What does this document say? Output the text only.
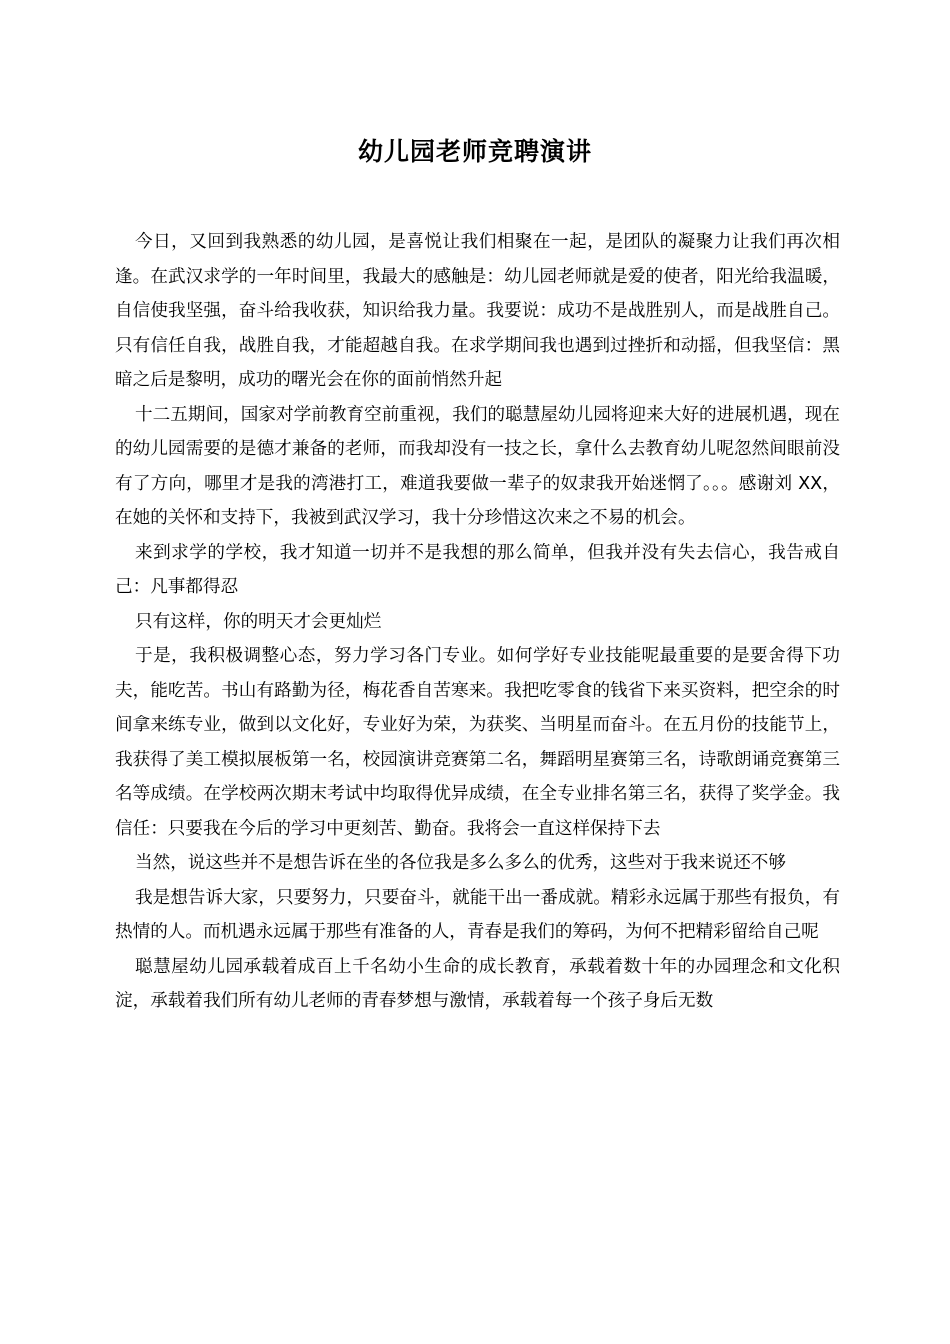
幼儿园老师竞聘演讲

今日，又回到我熟悉的幼儿园，是喜悦让我们相聚在一起，是团队的凝聚力让我们再次相逢。在武汉求学的一年时间里，我最大的感触是：幼儿园老师就是爱的使者，阳光给我温暖，自信使我坚强，奋斗给我收获，知识给我力量。我要说：成功不是战胜别人，而是战胜自己。只有信任自我，战胜自我，才能超越自我。在求学期间我也遇到过挫折和动摇，但我坚信：黑暗之后是黎明，成功的曙光会在你的面前悄然升起

十二五期间，国家对学前教育空前重视，我们的聪慧屋幼儿园将迎来大好的进展机遇，现在的幼儿园需要的是德才兼备的老师，而我却没有一技之长，拿什么去教育幼儿呢忽然间眼前没有了方向，哪里才是我的湾港打工，难道我要做一辈子的奴隶我开始迷惘了。。。感谢刘 XX，在她的关怀和支持下，我被到武汉学习，我十分珍惜这次来之不易的机会。

来到求学的学校，我才知道一切并不是我想的那么简单，但我并没有失去信心，我告戒自己：凡事都得忍

只有这样，你的明天才会更灿烂

于是，我积极调整心态，努力学习各门专业。如何学好专业技能呢最重要的是要舍得下功夫，能吃苦。书山有路勤为径，梅花香自苦寒来。我把吃零食的钱省下来买资料，把空余的时间拿来练专业，做到以文化好，专业好为荣，为获奖、当明星而奋斗。在五月份的技能节上，我获得了美工模拟展板第一名，校园演讲竞赛第二名，舞蹈明星赛第三名，诗歌朗诵竞赛第三名等成绩。在学校两次期末考试中均取得优异成绩，在全专业排名第三名，获得了奖学金。我信任：只要我在今后的学习中更刻苦、勤奋。我将会一直这样保持下去

当然，说这些并不是想告诉在坐的各位我是多么多么的优秀，这些对于我来说还不够

我是想告诉大家，只要努力，只要奋斗，就能干出一番成就。精彩永远属于那些有报负，有热情的人。而机遇永远属于那些有准备的人，青春是我们的筹码，为何不把精彩留给自己呢

聪慧屋幼儿园承载着成百上千名幼小生命的成长教育，承载着数十年的办园理念和文化积淀，承载着我们所有幼儿老师的青春梦想与激情，承载着每一个孩子身后无数
